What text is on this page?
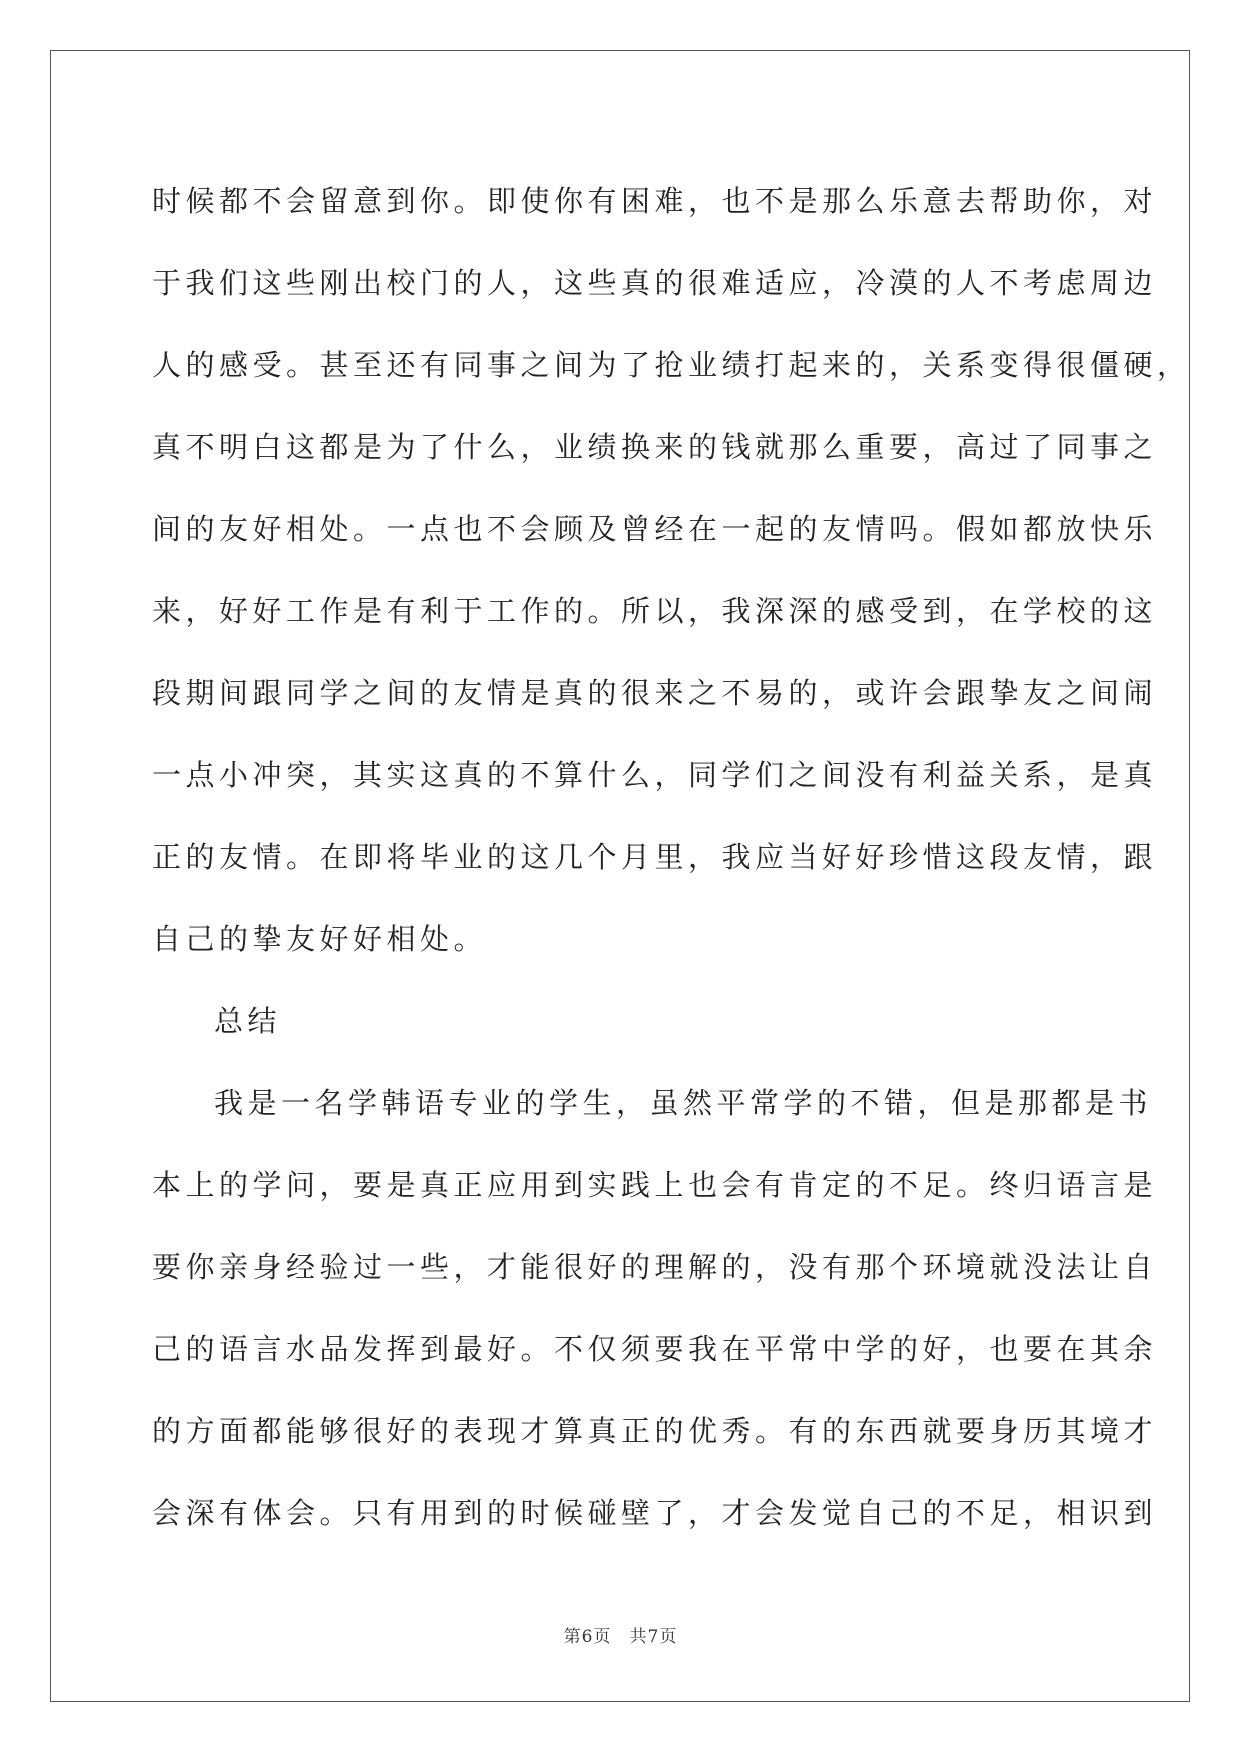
时候都不会留意到你。即使你有困难，也不是那么乐意去帮助你，对
于我们这些刚出校门的人，这些真的很难适应，冷漠的人不考虑周边
人的感受。甚至还有同事之间为了抢业绩打起来的，关系变得很僵硬，
真不明白这都是为了什么，业绩换来的钱就那么重要，高过了同事之
间的友好相处。一点也不会顾及曾经在一起的友情吗。假如都放快乐
来，好好工作是有利于工作的。所以，我深深的感受到，在学校的这
段期间跟同学之间的友情是真的很来之不易的，或许会跟挚友之间闹
一点小冲突，其实这真的不算什么，同学们之间没有利益关系，是真
正的友情。在即将毕业的这几个月里，我应当好好珍惜这段友情，跟
自己的挚友好好相处。
总结
我是一名学韩语专业的学生，虽然平常学的不错，但是那都是书
本上的学问，要是真正应用到实践上也会有肯定的不足。终归语言是
要你亲身经验过一些，才能很好的理解的，没有那个环境就没法让自
己的语言水品发挥到最好。不仅须要我在平常中学的好，也要在其余
的方面都能够很好的表现才算真正的优秀。有的东西就要身历其境才
会深有体会。只有用到的时候碰壁了，才会发觉自己的不足，相识到
第6页 共7页
